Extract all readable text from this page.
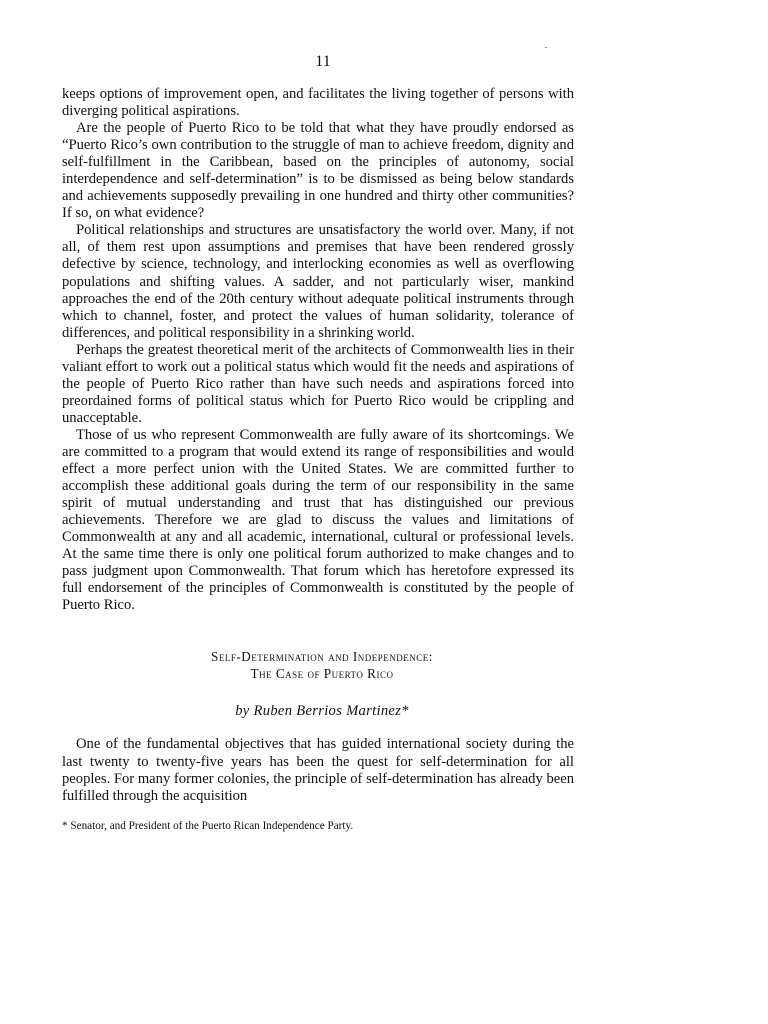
11

keeps options of improvement open, and facilitates the living together of persons with diverging political aspirations.

Are the people of Puerto Rico to be told that what they have proudly endorsed as “Puerto Rico’s own contribution to the struggle of man to achieve freedom, dignity and self-fulfillment in the Caribbean, based on the principles of autonomy, social interdependence and self-determination” is to be dismissed as being below standards and achievements supposedly prevailing in one hundred and thirty other communities? If so, on what evidence?

Political relationships and structures are unsatisfactory the world over. Many, if not all, of them rest upon assumptions and premises that have been rendered grossly defective by science, technology, and interlocking economies as well as overflowing populations and shifting values. A sadder, and not particularly wiser, mankind approaches the end of the 20th century without adequate political instruments through which to channel, foster, and protect the values of human solidarity, tolerance of differences, and political responsibility in a shrinking world.

Perhaps the greatest theoretical merit of the architects of Commonwealth lies in their valiant effort to work out a political status which would fit the needs and aspirations of the people of Puerto Rico rather than have such needs and aspirations forced into preordained forms of political status which for Puerto Rico would be crippling and unacceptable.

Those of us who represent Commonwealth are fully aware of its shortcomings. We are committed to a program that would extend its range of responsibilities and would effect a more perfect union with the United States. We are committed further to accomplish these additional goals during the term of our responsibility in the same spirit of mutual understanding and trust that has distinguished our previous achievements. Therefore we are glad to discuss the values and limitations of Commonwealth at any and all academic, international, cultural or professional levels. At the same time there is only one political forum authorized to make changes and to pass judgment upon Commonwealth. That forum which has heretofore expressed its full endorsement of the principles of Commonwealth is constituted by the people of Puerto Rico.

Self-Determination and Independence:
The Case of Puerto Rico
by Ruben Berrios Martinez*

One of the fundamental objectives that has guided international society during the last twenty to twenty-five years has been the quest for self-determination for all peoples. For many former colonies, the principle of self-determination has already been fulfilled through the acquisition

* Senator, and President of the Puerto Rican Independence Party.
